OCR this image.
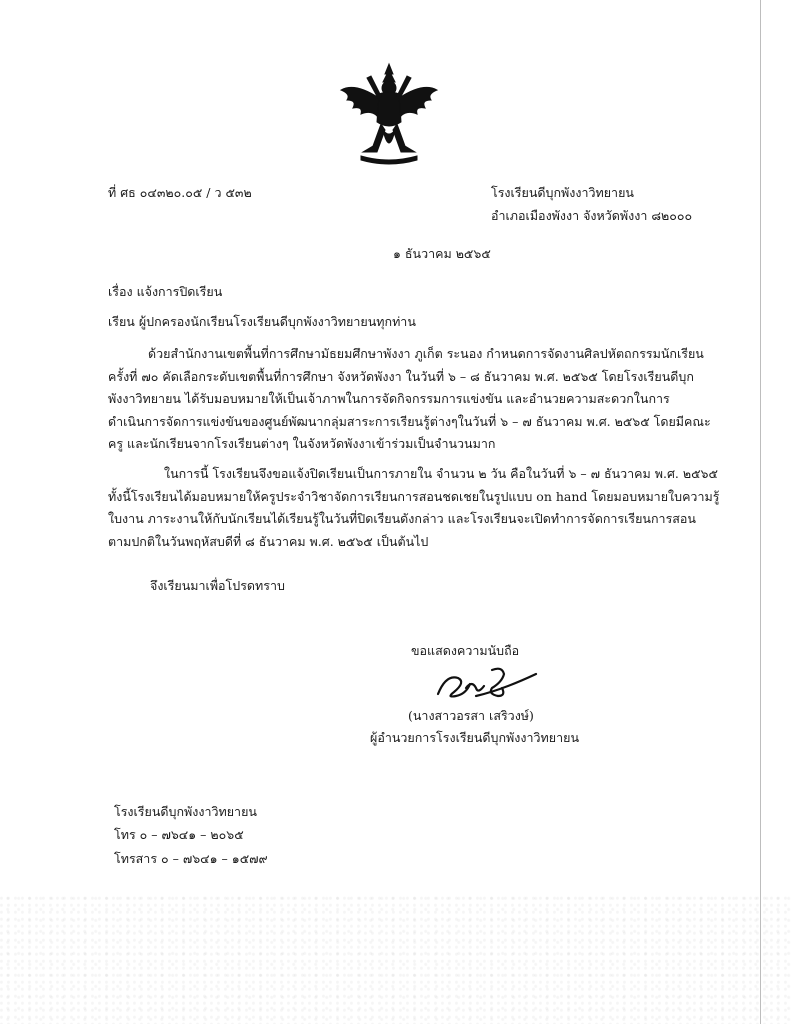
ที่ ศธ ๐๔๓๒๐.๐๕ / ว ๕๓๒	โรงเรียนดีบุกพังงาวิทยายน
อำเภอเมืองพังงา จังหวัดพังงา ๘๒๐๐๐
๑ ธันวาคม ๒๕๖๕
เรื่อง แจ้งการปิดเรียน
เรียน ผู้ปกครองนักเรียนโรงเรียนดีบุกพังงาวิทยายนทุกท่าน
ด้วยสำนักงานเขตพื้นที่การศึกษามัธยมศึกษาพังงา ภูเก็ต ระนอง กำหนดการจัดงานศิลปหัตถกรรมนักเรียน
ครั้งที่ ๗๐ คัดเลือกระดับเขตพื้นที่การศึกษา จังหวัดพังงา ในวันที่ ๖ – ๘ ธันวาคม พ.ศ. ๒๕๖๕ โดยโรงเรียนดีบุก
พังงาวิทยายน ได้รับมอบหมายให้เป็นเจ้าภาพในการจัดกิจกรรมการแข่งขัน และอำนวยความสะดวกในการ
ดำเนินการจัดการแข่งขันของศูนย์พัฒนากลุ่มสาระการเรียนรู้ต่างๆในวันที่ ๖ – ๗ ธันวาคม พ.ศ. ๒๕๖๕ โดยมีคณะ
ครู และนักเรียนจากโรงเรียนต่างๆ ในจังหวัดพังงาเข้าร่วมเป็นจำนวนมาก
ในการนี้ โรงเรียนจึงขอแจ้งปิดเรียนเป็นการภายใน จำนวน ๒ วัน คือในวันที่ ๖ – ๗ ธันวาคม พ.ศ. ๒๕๖๕
ทั้งนี้โรงเรียนได้มอบหมายให้ครูประจำวิชาจัดการเรียนการสอนชดเชยในรูปแบบ on hand โดยมอบหมายใบความรู้
ใบงาน ภาระงานให้กับนักเรียนได้เรียนรู้ในวันที่ปิดเรียนดังกล่าว และโรงเรียนจะเปิดทำการจัดการเรียนการสอน
ตามปกติในวันพฤหัสบดีที่ ๘ ธันวาคม พ.ศ. ๒๕๖๕ เป็นต้นไป
จึงเรียนมาเพื่อโปรดทราบ
ขอแสดงความนับถือ
(นางสาวอรสา เสริวงษ์)
ผู้อำนวยการโรงเรียนดีบุกพังงาวิทยายน
โรงเรียนดีบุกพังงาวิทยายน
โทร ๐ – ๗๖๔๑ – ๒๐๖๕
โทรสาร ๐ – ๗๖๔๑ – ๑๕๗๙
